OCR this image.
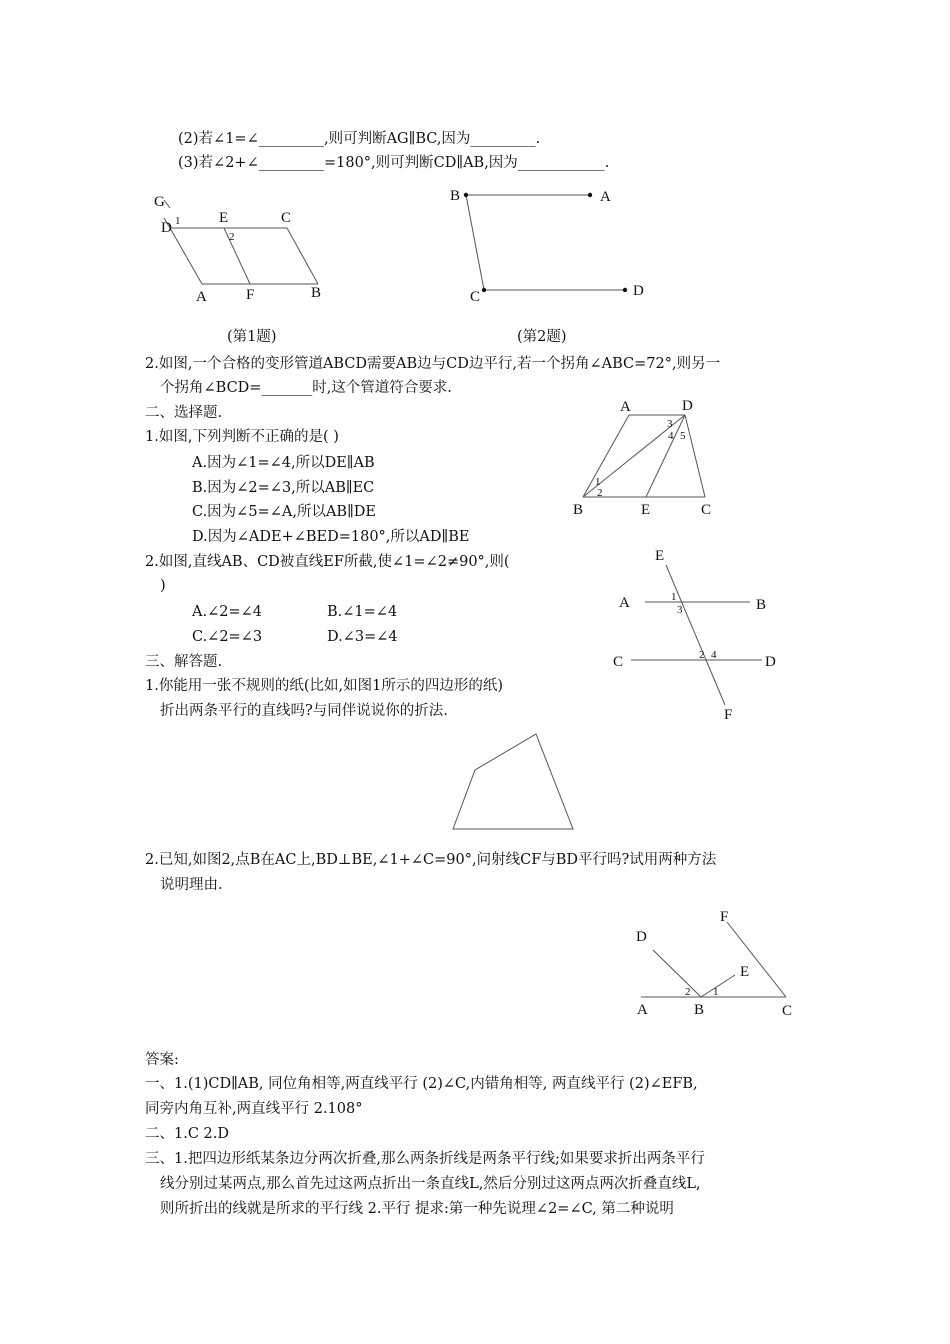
(2)若∠1=∠_________,则可判断AG∥BC,因为_________.
(3)若∠2+∠_________=180°,则可判断CD∥AB,因为____________.
G
D 1	E
2
C
A	F	B
B	A
C	D
(第1题)	(第2题)
2.如图,一个合格的变形管道ABCD需要AB边与CD边平行,若一个拐角∠ABC=72°,则另一
个拐角∠BCD=_______时,这个管道符合要求.
二、选择题.
1.如图,下列判断不正确的是( )
A.因为∠1=∠4,所以DE∥AB
B.因为∠2=∠3,所以AB∥EC
C.因为∠5=∠A,所以AB∥DE
D.因为∠ADE+∠BED=180°,所以AD∥BE
A	D
3
4 5
1
2
B	E	C
2.如图,直线AB、CD被直线EF所截,使∠1=∠2≠90°,则(
)
A.∠2=∠4	B.∠1=∠4
C.∠2=∠3	D.∠3=∠4
E
A	1
3	B
C	2 4	D
F
三、解答题.
1.你能用一张不规则的纸(比如,如图1所示的四边形的纸)
折出两条平行的直线吗?与同伴说说你的折法.
2.已知,如图2,点B在AC上,BD⊥BE,∠1+∠C=90°,问射线CF与BD平行吗?试用两种方法
说明理由.
D
F
E
2 1
A	B	C
答案:
一、1.(1)CD∥AB, 同位角相等,两直线平行 (2)∠C,内错角相等, 两直线平行 (2)∠EFB,
同旁内角互补,两直线平行 2.108°
二、1.C 2.D
三、1.把四边形纸某条边分两次折叠,那么两条折线是两条平行线;如果要求折出两条平行
线分别过某两点,那么首先过这两点折出一条直线L,然后分别过这两点两次折叠直线L,
则所折出的线就是所求的平行线 2.平行 提求:第一种先说理∠2=∠C, 第二种说明
